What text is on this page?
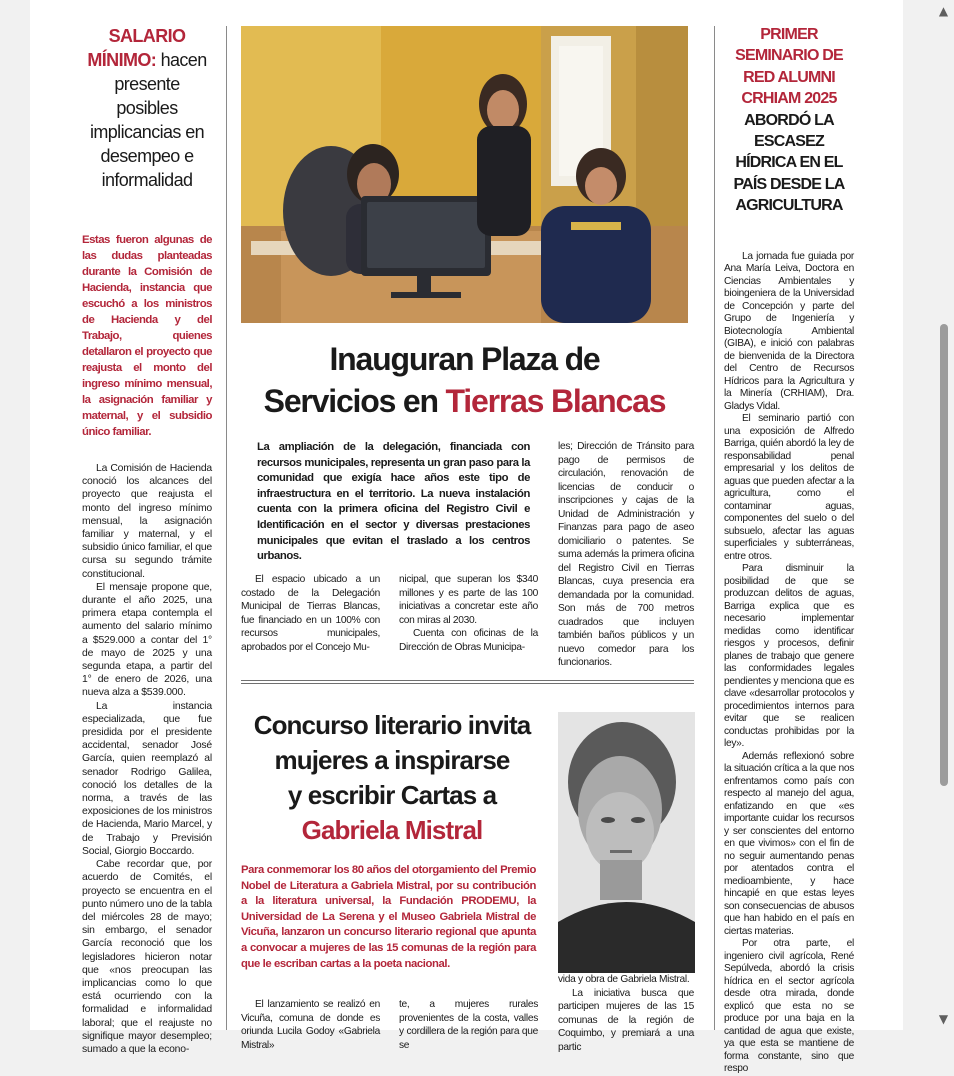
SALARIO MÍNIMO: hacen presente posibles implicancias en desempeo e informalidad
Estas fueron algunas de las dudas planteadas durante la Comisión de Hacienda, instancia que escuchó a los ministros de Hacienda y del Trabajo, quienes detallaron el proyecto que reajusta el monto del ingreso mínimo mensual, la asignación familiar y maternal, y el subsidio único familiar.

La Comisión de Hacienda conoció los alcances del proyecto que reajusta el monto del ingreso mínimo mensual, la asignación familiar y maternal, y el subsidio único familiar, el que cursa su segundo trámite constitucional.

El mensaje propone que, durante el año 2025, una primera etapa contempla el aumento del salario mínimo a $529.000 a contar del 1° de mayo de 2025 y una segunda etapa, a partir del 1° de enero de 2026, una nueva alza a $539.000.

La instancia especializada, que fue presidida por el presidente accidental, senador José García, quien reemplazó al senador Rodrigo Galilea, conoció los detalles de la norma, a través de las exposiciones de los ministros de Hacienda, Mario Marcel, y de Trabajo y Previsión Social, Giorgio Boccardo.

Cabe recordar que, por acuerdo de Comités, el proyecto se encuentra en el punto número uno de la tabla del miércoles 28 de mayo; sin embargo, el senador García reconoció que los legisladores hicieron notar que «nos preocupan las implicancias como lo que está ocurriendo con la formalidad e informalidad laboral; que el reajuste no signifique mayor desempleo; sumado a que la econo-

Inauguran Plaza de
Servicios en Tierras Blancas
La ampliación de la delegación, financiada con recursos municipales, representa un gran paso para la comunidad que exigía hace años este tipo de infraestructura en el territorio. La nueva instalación cuenta con la primera oficina del Registro Civil e Identificación en el sector y diversas prestaciones municipales que evitan el traslado a los centros urbanos.

El espacio ubicado a un costado de la Delegación Municipal de Tierras Blancas, fue financiado en un 100% con recursos municipales, aprobados por el Concejo Mu-

nicipal, que superan los $340 millones y es parte de las 100 iniciativas a concretar este año con miras al 2030.

Cuenta con oficinas de la Dirección de Obras Municipa-

les; Dirección de Tránsito para pago de permisos de circulación, renovación de licencias de conducir o inscripciones y cajas de la Unidad de Administración y Finanzas para pago de aseo domiciliario o patentes. Se suma además la primera oficina del Registro Civil en Tierras Blancas, cuya presencia era demandada por la comunidad. Son más de 700 metros cuadrados que incluyen también baños públicos y un nuevo comedor para los funcionarios.

Concurso literario invita
mujeres a inspirarse
y escribir Cartas a
Gabriela Mistral
Para conmemorar los 80 años del otorgamiento del Premio Nobel de Literatura a Gabriela Mistral, por su contribución a la literatura universal, la Fundación PRODEMU, la Universidad de La Serena y el Museo Gabriela Mistral de Vicuña, lanzaron un concurso literario regional que apunta a convocar a mujeres de las 15 comunas de la región para que le escriban cartas a la poeta nacional.

El lanzamiento se realizó en Vicuña, comuna de donde es oriunda Lucila Godoy «Gabriela Mistral»

te, a mujeres rurales provenientes de la costa, valles y cordillera de la región para que se

vida y obra de Gabriela Mistral.

La iniciativa busca que participen mujeres de las 15 comunas de la región de Coquimbo, y premiará a una partic

PRIMER SEMINARIO DE RED ALUMNI CRHIAM 2025
ABORDÓ LA ESCASEZ HÍDRICA EN EL PAÍS DESDE LA AGRICULTURA

La jornada fue guiada por Ana María Leiva, Doctora en Ciencias Ambientales y bioingeniera de la Universidad de Concepción y parte del Grupo de Ingeniería y Biotecnología Ambiental (GIBA), e inició con palabras de bienvenida de la Directora del Centro de Recursos Hídricos para la Agricultura y la Minería (CRHIAM), Dra. Gladys Vidal.

El seminario partió con una exposición de Alfredo Barriga, quién abordó la ley de responsabilidad penal empresarial y los delitos de aguas que pueden afectar a la agricultura, como el contaminar aguas, componentes del suelo o del subsuelo, afectar las aguas superficiales y subterráneas, entre otros.

Para disminuir la posibilidad de que se produzcan delitos de aguas, Barriga explica que es necesario implementar medidas como identificar riesgos y procesos, definir planes de trabajo que genere las conformidades legales pendientes y menciona que es clave «desarrollar protocolos y procedimientos internos para evitar que se realicen conductas prohibidas por la ley».

Además reflexionó sobre la situación crítica a la que nos enfrentamos como país con respecto al manejo del agua, enfatizando en que «es importante cuidar los recursos y ser conscientes del entorno en que vivimos» con el fin de no seguir aumentando penas por atentados contra el medioambiente, y hace hincapié en que estas leyes son consecuencias de abusos que han habido en el país en ciertas materias.

Por otra parte, el ingeniero civil agrícola, René Sepúlveda, abordó la crisis hídrica en el sector agrícola desde otra mirada, donde explicó que esta no se produce por una baja en la cantidad de agua que existe, ya que esta se mantiene de forma constante, sino que respo

▲
▼
